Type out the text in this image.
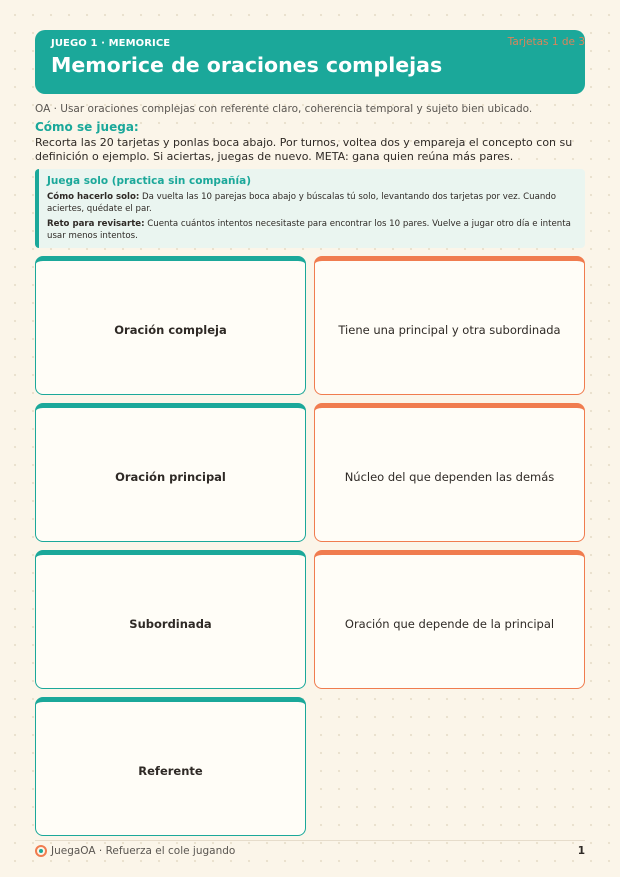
JUEGO 1 · MEMORICE
Memorice de oraciones complejas
Tarjetas 1 de 3
OA · Usar oraciones complejas con referente claro, coherencia temporal y sujeto bien ubicado.
Cómo se juega:
Recorta las 20 tarjetas y ponlas boca abajo. Por turnos, voltea dos y empareja el concepto con su definición o ejemplo. Si aciertas, juegas de nuevo. META: gana quien reúna más pares.
Juega solo (practica sin compañía)
Cómo hacerlo solo: Da vuelta las 10 parejas boca abajo y búscalas tú solo, levantando dos tarjetas por vez. Cuando aciertes, quédate el par.
Reto para revisarte: Cuenta cuántos intentos necesitaste para encontrar los 10 pares. Vuelve a jugar otro día e intenta usar menos intentos.
Oración compleja	Tiene una principal y otra subordinada
Oración principal	Núcleo del que dependen las demás
Subordinada	Oración que depende de la principal
Referente
JuegaOA · Refuerza el cole jugando	1
